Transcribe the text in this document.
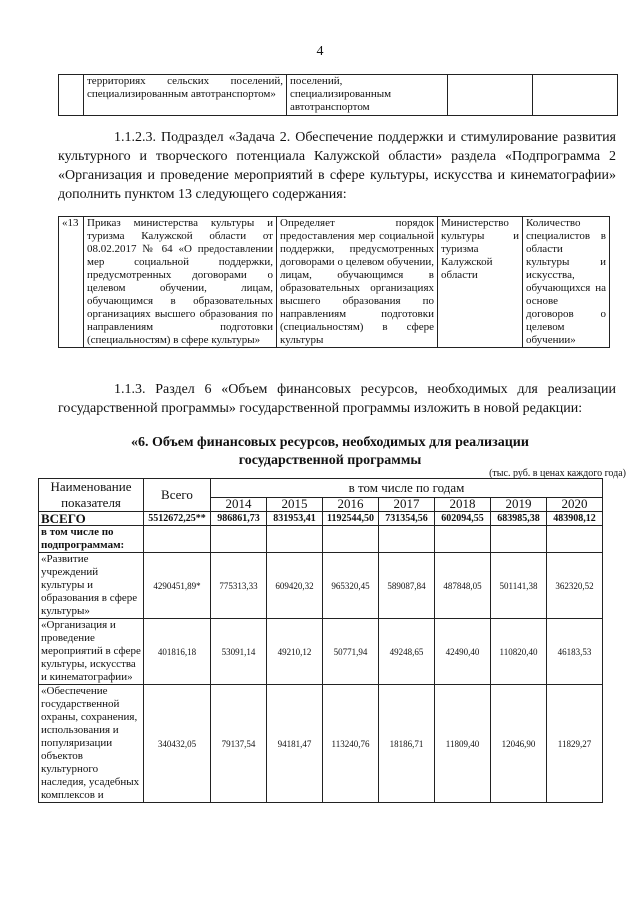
4
	территориях сельских поселений, специализированным автотранспортом»	поселений, специализированным автотранспортом		
1.1.2.3. Подраздел «Задача 2. Обеспечение поддержки и стимулирование развития культурного и творческого потенциала Калужской области» раздела «Подпрограмма 2 «Организация и проведение мероприятий в сфере культуры, искусства и кинематографии» дополнить пунктом 13 следующего содержания:
«13	Приказ министерства культуры и туризма Калужской области от 08.02.2017 № 64 «О предоставлении мер социальной поддержки, предусмотренных договорами о целевом обучении, лицам, обучающимся в образовательных организациях высшего образования по направлениям подготовки (специальностям) в сфере культуры»	Определяет порядок предоставления мер социальной поддержки, предусмотренных договорами о целевом обучении, лицам, обучающимся в образовательных организациях высшего образования по направлениям подготовки (специальностям) в сфере культуры	Министерство культуры и туризма Калужской области	Количество специалистов в области культуры и искусства, обучающихся на основе договоров о целевом обучении»
1.1.3. Раздел 6 «Объем финансовых ресурсов, необходимых для реализации государственной программы» государственной программы изложить в новой редакции:
«6. Объем финансовых ресурсов, необходимых для реализации государственной программы
(тыс. руб. в ценах каждого года)
Наименование показателя	Всего	в том числе по годам						
		2014	2015	2016	2017	2018	2019	2020
ВСЕГО	5512672,25**	986861,73	831953,41	1192544,50	731354,56	602094,55	683985,38	483908,12
в том числе по подпрограммам:								
«Развитие учреждений культуры и образования в сфере культуры»	4290451,89*	775313,33	609420,32	965320,45	589087,84	487848,05	501141,38	362320,52
«Организация и проведение мероприятий в сфере культуры, искусства и кинематографии»	401816,18	53091,14	49210,12	50771,94	49248,65	42490,40	110820,40	46183,53
«Обеспечение государственной охраны, сохранения, использования и популяризации объектов культурного наследия, усадебных комплексов и	340432,05	79137,54	94181,47	113240,76	18186,71	11809,40	12046,90	11829,27
